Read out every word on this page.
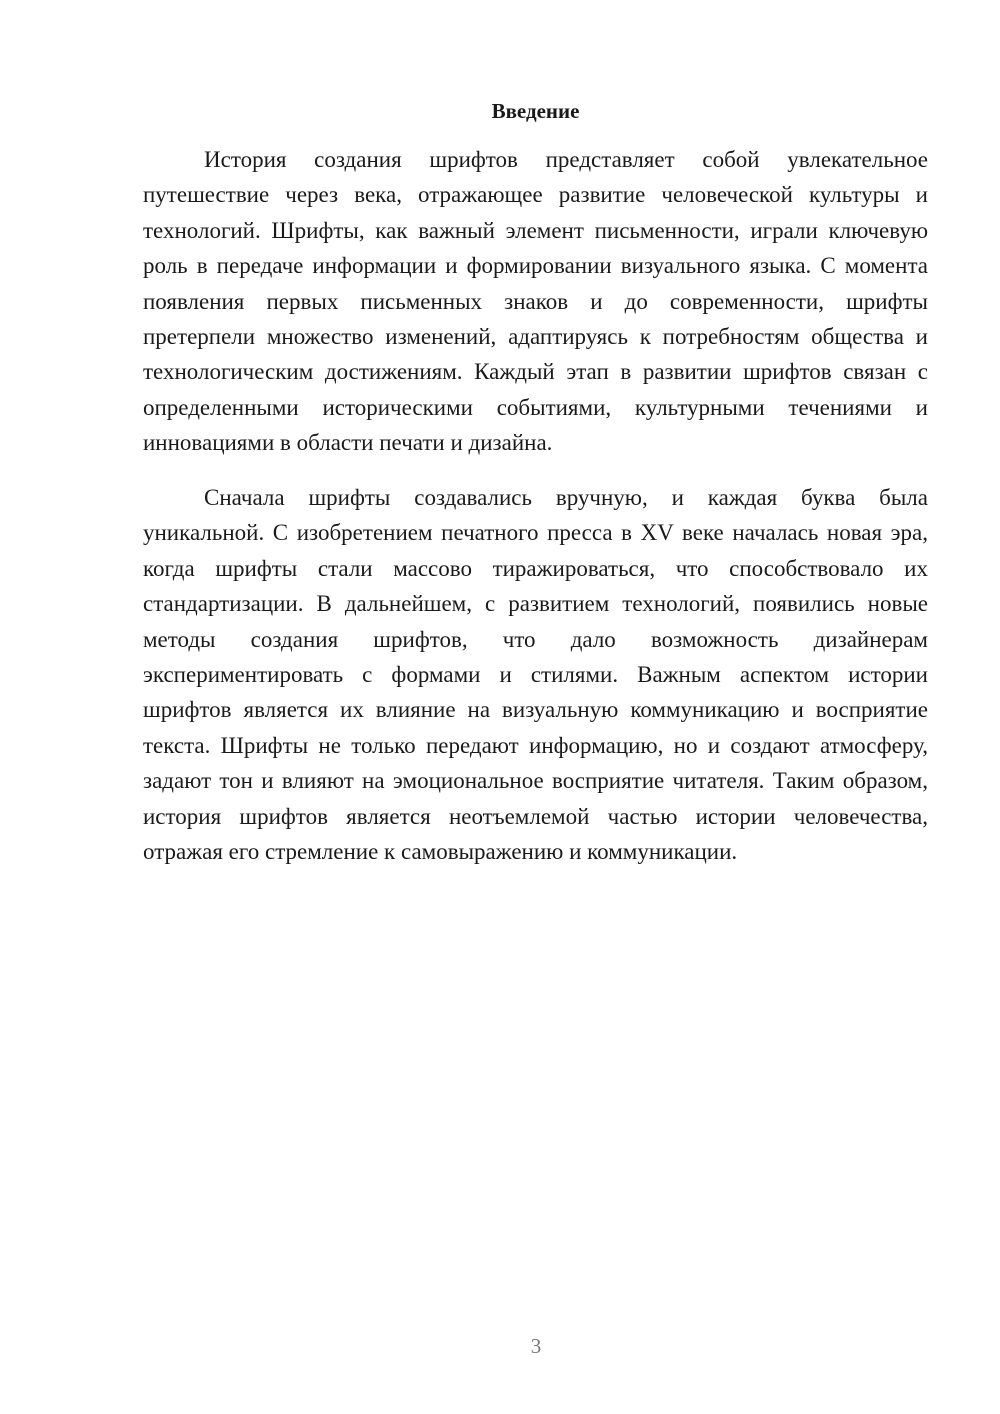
Введение

История создания шрифтов представляет собой увлекательное путешествие через века, отражающее развитие человеческой культуры и технологий. Шрифты, как важный элемент письменности, играли ключевую роль в передаче информации и формировании визуального языка. С момента появления первых письменных знаков и до современности, шрифты претерпели множество изменений, адаптируясь к потребностям общества и технологическим достижениям. Каждый этап в развитии шрифтов связан с определенными историческими событиями, культурными течениями и инновациями в области печати и дизайна.

Сначала шрифты создавались вручную, и каждая буква была уникальной. С изобретением печатного пресса в XV веке началась новая эра, когда шрифты стали массово тиражироваться, что способствовало их стандартизации. В дальнейшем, с развитием технологий, появились новые методы создания шрифтов, что дало возможность дизайнерам экспериментировать с формами и стилями. Важным аспектом истории шрифтов является их влияние на визуальную коммуникацию и восприятие текста. Шрифты не только передают информацию, но и создают атмосферу, задают тон и влияют на эмоциональное восприятие читателя. Таким образом, история шрифтов является неотъемлемой частью истории человечества, отражая его стремление к самовыражению и коммуникации.

3
